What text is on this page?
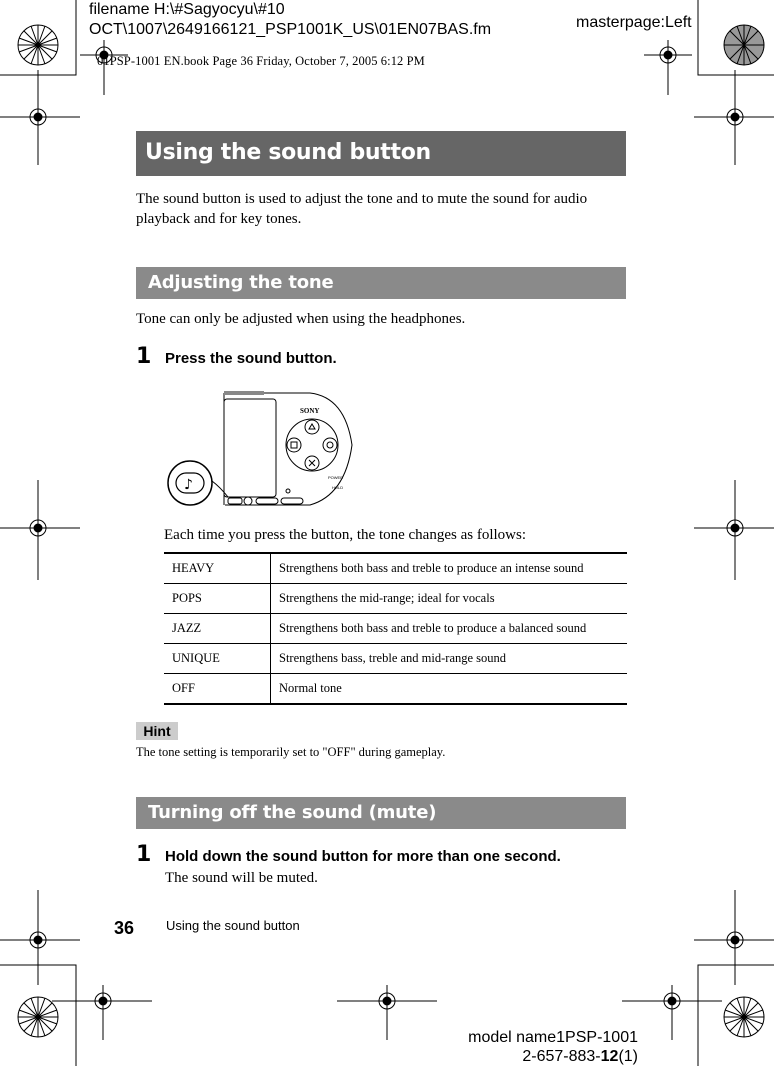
filename H:\#Sagyocyu\#10
OCT\1007\2649166121_PSP1001K_US\01EN07BAS.fm	masterpage:Left
01PSP-1001 EN.book Page 36 Friday, October 7, 2005 6:12 PM
Using the sound button
The sound button is used to adjust the tone and to mute the sound for audio
playback and for key tones.
Adjusting the tone
Tone can only be adjusted when using the headphones.
1 Press the sound button.
SONY
POWER
HOLD
♪
Each time you press the button, the tone changes as follows:
HEAVY	Strengthens both bass and treble to produce an intense sound
POPS	Strengthens the mid-range; ideal for vocals
JAZZ	Strengthens both bass and treble to produce a balanced sound
UNIQUE	Strengthens bass, treble and mid-range sound
OFF	Normal tone
Hint
The tone setting is temporarily set to "OFF" during gameplay.
Turning off the sound (mute)
1 Hold down the sound button for more than one second.
The sound will be muted.
36 Using the sound button
model name1PSP-1001
2-657-883-12(1)
